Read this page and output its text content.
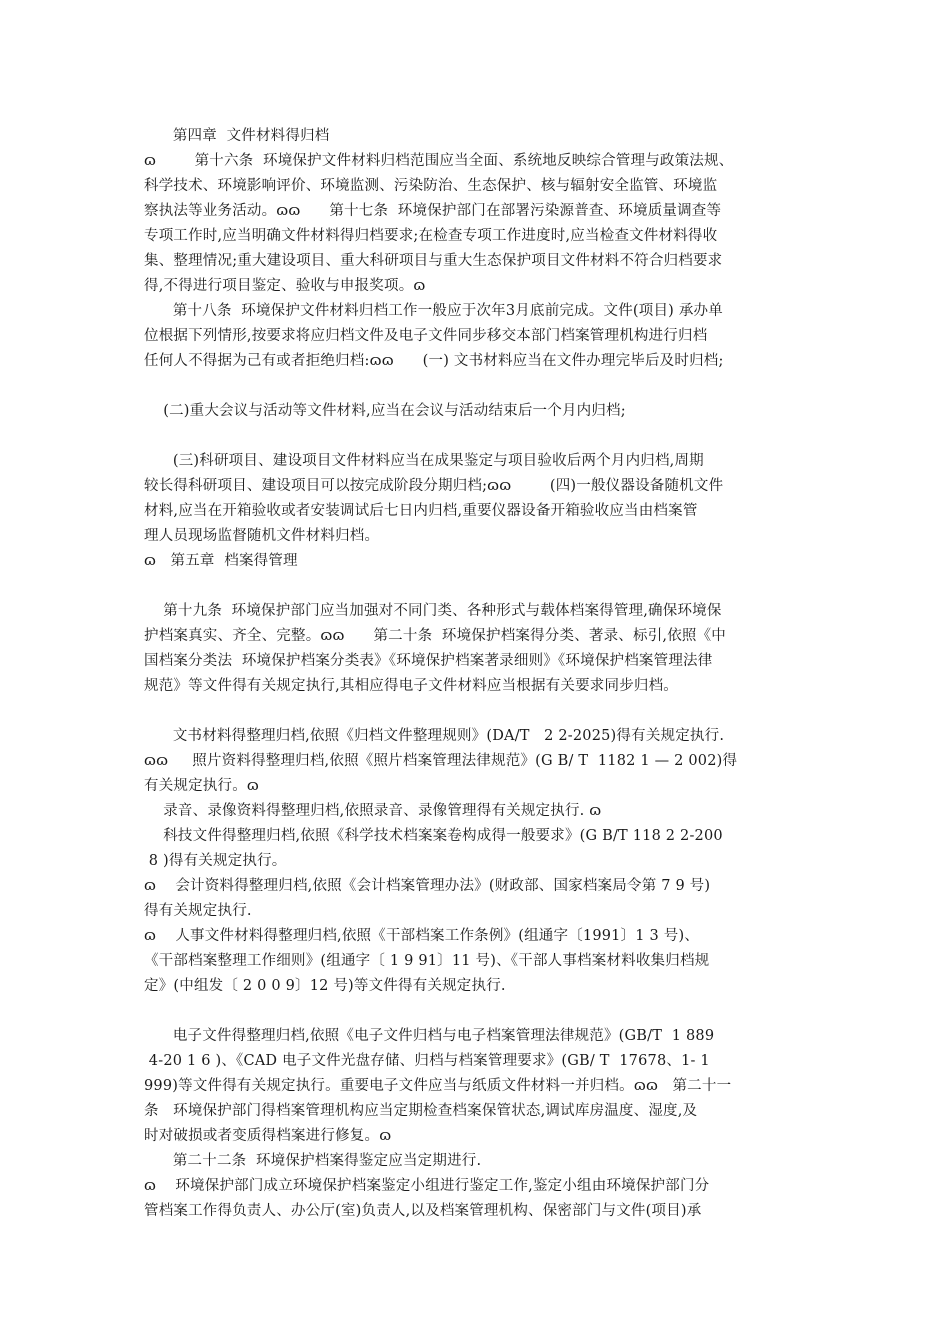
第四章  文件材料得归档
ɷ        第十六条  环境保护文件材料归档范围应当全面、系统地反映综合管理与政策法规、
科学技术、环境影响评价、环境监测、污染防治、生态保护、核与辐射安全监管、环境监
察执法等业务活动。ɷɷ      第十七条  环境保护部门在部署污染源普查、环境质量调查等
专项工作时,应当明确文件材料得归档要求;在检查专项工作进度时,应当检查文件材料得收
集、整理情况;重大建设项目、重大科研项目与重大生态保护项目文件材料不符合归档要求
得,不得进行项目鉴定、验收与申报奖项。ɷ
第十八条  环境保护文件材料归档工作一般应于次年3月底前完成。文件(项目) 承办单
位根据下列情形,按要求将应归档文件及电子文件同步移交本部门档案管理机构进行归档
任何人不得据为己有或者拒绝归档:ɷɷ      (一) 文书材料应当在文件办理完毕后及时归档;
(二)重大会议与活动等文件材料,应当在会议与活动结束后一个月内归档;
(三)科研项目、建设项目文件材料应当在成果鉴定与项目验收后两个月内归档,周期
较长得科研项目、建设项目可以按完成阶段分期归档;ɷɷ        (四)一般仪器设备随机文件
材料,应当在开箱验收或者安装调试后七日内归档,重要仪器设备开箱验收应当由档案管
理人员现场监督随机文件材料归档。
ɷ   第五章  档案得管理
第十九条  环境保护部门应当加强对不同门类、各种形式与载体档案得管理,确保环境保
护档案真实、齐全、完整。ɷɷ      第二十条  环境保护档案得分类、著录、标引,依照《中
国档案分类法  环境保护档案分类表》《环境保护档案著录细则》《环境保护档案管理法律
规范》等文件得有关规定执行,其相应得电子文件材料应当根据有关要求同步归档。
文书材料得整理归档,依照《归档文件整理规则》(DA/T   2 2-2025)得有关规定执行.
ɷɷ     照片资料得整理归档,依照《照片档案管理法律规范》(G B/ T  1182 1 — 2 002)得
有关规定执行。ɷ
录音、录像资料得整理归档,依照录音、录像管理得有关规定执行. ɷ
科技文件得整理归档,依照《科学技术档案案卷构成得一般要求》(G B/T 118 2 2-200
8 )得有关规定执行。
ɷ    会计资料得整理归档,依照《会计档案管理办法》(财政部、国家档案局令第 7 9 号)
得有关规定执行.
ɷ    人事文件材料得整理归档,依照《干部档案工作条例》(组通字〔1991〕1 3 号)、
《干部档案整理工作细则》(组通字〔 1 9 91〕11 号)、《干部人事档案材料收集归档规
定》(中组发〔 2 0 0 9〕12 号)等文件得有关规定执行.
电子文件得整理归档,依照《电子文件归档与电子档案管理法律规范》(GB/T  1 889
4-20 1 6 )、《CAD 电子文件光盘存储、归档与档案管理要求》(GB/ T  17678、1- 1
999)等文件得有关规定执行。重要电子文件应当与纸质文件材料一并归档。ɷɷ   第二十一
条   环境保护部门得档案管理机构应当定期检查档案保管状态,调试库房温度、湿度,及
时对破损或者变质得档案进行修复。ɷ
第二十二条  环境保护档案得鉴定应当定期进行.
ɷ    环境保护部门成立环境保护档案鉴定小组进行鉴定工作,鉴定小组由环境保护部门分
管档案工作得负责人、办公厅(室)负责人,以及档案管理机构、保密部门与文件(项目)承
